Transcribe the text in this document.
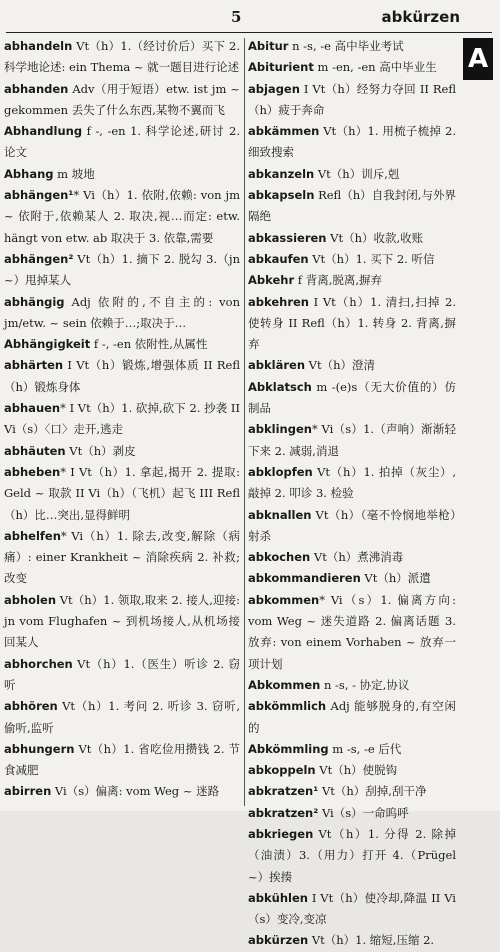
5	abkürzen
A
abhandeln Vt（h）1.（经讨价后）买下 2. 科学地论述: ein Thema ~ 就一题目进行论述
abhanden Adv（用于短语）etw. ist jm ~ gekommen 丢失了什么东西,某物不翼而飞
Abhandlung f -, -en 1. 科学论述,研讨 2. 论文
Abhang m 坡地
abhängen¹* Vi（h）1. 依附,依赖: von jm ~ 依附于,依赖某人 2. 取决,视…而定: etw. hängt von etw. ab 取决于 3. 依靠,需要
abhängen² Vt（h）1. 摘下 2. 脱勾 3.（jn ~）甩掉某人
abhängig Adj 依附的,不自主的: von jm/etw. ~ sein 依赖于…;取决于…
Abhängigkeit f -, -en 依附性,从属性
abhärten I Vt（h）锻炼,增强体质 II Refl（h）锻炼身体
abhauen* I Vt（h）1. 砍掉,砍下 2. 抄袭 II Vi（s）〈口〉走开,逃走
abhäuten Vt（h）剥皮
abheben* I Vt（h）1. 拿起,揭开 2. 提取: Geld ~ 取款 II Vi（h）（飞机）起飞 III Refl（h）比…突出,显得鲜明
abhelfen* Vi（h）1. 除去,改变,解除（病痛）: einer Krankheit ~ 消除疾病 2. 补救;改变
abholen Vt（h）1. 领取,取来 2. 接人,迎接: jn vom Flughafen ~ 到机场接人,从机场接回某人
abhorchen Vt（h）1.（医生）听诊 2. 窃听
abhören Vt（h）1. 考问 2. 听诊 3. 窃听,偷听,监听
abhungern Vt（h）1. 省吃俭用攒钱 2. 节食减肥
abirren Vi（s）偏离: vom Weg ~ 迷路
Abitur n -s, -e 高中毕业考试
Abiturient m -en, -en 高中毕业生
abjagen I Vt（h）经努力夺回 II Refl（h）疲于奔命
abkämmen Vt（h）1. 用梳子梳掉 2. 细致搜索
abkanzeln Vt（h）训斥,剋
abkapseln Refl（h）自我封闭,与外界隔绝
abkassieren Vt（h）收款,收账
abkaufen Vt（h）1. 买下 2. 听信
Abkehr f 背离,脱离,摒弃
abkehren I Vt（h）1. 清扫,扫掉 2. 使转身 II Refl（h）1. 转身 2. 背离,摒弃
abklären Vt（h）澄清
Abklatsch m -(e)s（无大价值的）仿制品
abklingen* Vi（s）1.（声响）渐渐轻下来 2. 减弱,消退
abklopfen Vt（h）1. 拍掉（灰尘）,敲掉 2. 叩诊 3. 检验
abknallen Vt（h）（毫不怜悯地举枪）射杀
abkochen Vt（h）煮沸消毒
abkommandieren Vt（h）派遣
abkommen* Vi（s）1. 偏离方向: vom Weg ~ 迷失道路 2. 偏离话题 3. 放弃: von einem Vorhaben ~ 放弃一项计划
Abkommen n -s, - 协定,协议
abkömmlich Adj 能够脱身的,有空闲的
Abkömmling m -s, -e 后代
abkoppeln Vt（h）使脱钩
abkratzen¹ Vt（h）刮掉,刮干净
abkratzen² Vi（s）一命呜呼
abkriegen Vt（h）1. 分得 2. 除掉（油渍）3.（用力）打开 4.（Prügel ~）挨揍
abkühlen I Vt（h）使冷却,降温 II Vi（s）变冷,变凉
abkürzen Vt（h）1. 缩短,压缩 2.
